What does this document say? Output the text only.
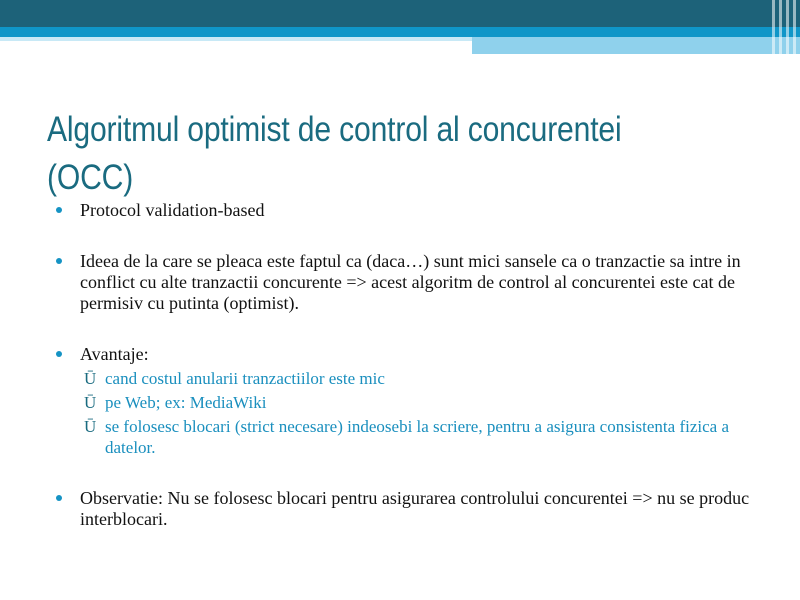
Algoritmul optimist de control al concurentei
(OCC)
Protocol validation-based
Ideea de la care se pleaca este faptul ca (daca…) sunt mici sansele ca o tranzactie sa intre in conflict cu alte tranzactii concurente => acest algoritm de control al concurentei este cat de permisiv cu putinta (optimist).
Avantaje:
Ū cand costul anularii tranzactiilor este mic
Ū pe Web; ex: MediaWiki
Ū se folosesc blocari (strict necesare) indeosebi la scriere, pentru a asigura consistenta fizica a datelor.
Observatie: Nu se folosesc blocari pentru asigurarea controlului concurentei => nu se produc interblocari.
